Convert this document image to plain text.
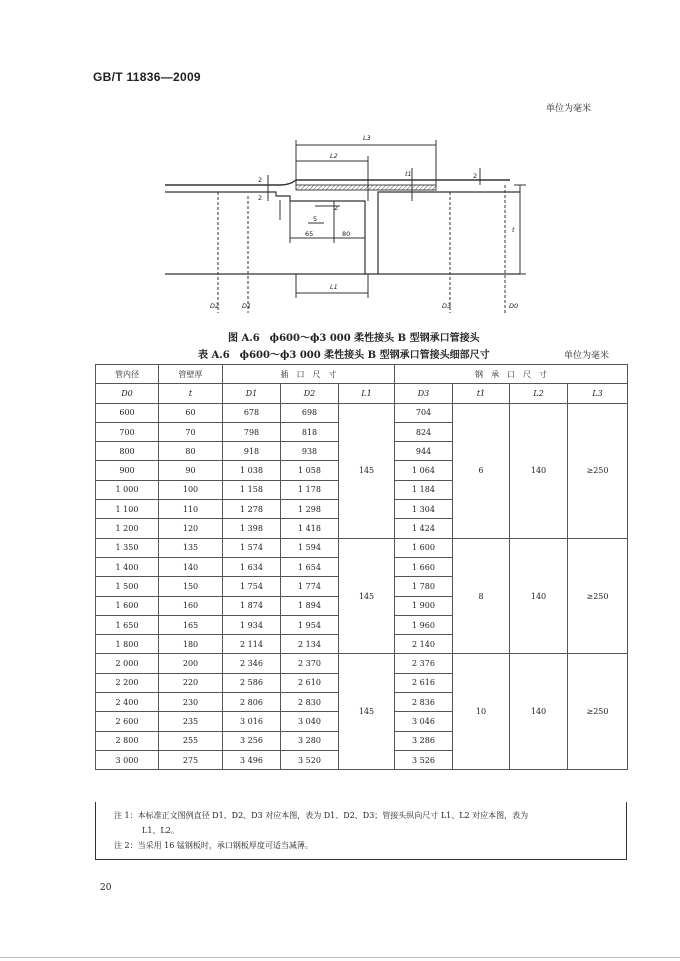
GB/T 11836—2009
单位为毫米
L3
L2
L1
t1
t
D2	D1	D3	D0
2
2
2
2
5
65	80
图 A.6　ϕ600～ϕ3 000 柔性接头 B 型钢承口管接头
表 A.6　ϕ600～ϕ3 000 柔性接头 B 型钢承口管接头细部尺寸	单位为毫米
管内径	管壁厚	插　口　尺　寸			钢　承　口　尺　寸			
D0	t	D1	D2	L1	D3	t1	L2	L3
600	60	678	698	145	704	6	140	≥250
700	70	798	818		824			
800	80	918	938		944			
900	90	1 038	1 058		1 064			
1 000	100	1 158	1 178		1 184			
1 100	110	1 278	1 298		1 304			
1 200	120	1 398	1 418		1 424			
1 350	135	1 574	1 594	145	1 600	8	140	≥250
1 400	140	1 634	1 654		1 660			
1 500	150	1 754	1 774		1 780			
1 600	160	1 874	1 894		1 900			
1 650	165	1 934	1 954		1 960			
1 800	180	2 114	2 134		2 140			
2 000	200	2 346	2 370	145	2 376	10	140	≥250
2 200	220	2 586	2 610		2 616			
2 400	230	2 806	2 830		2 836			
2 600	235	3 016	3 040		3 046			
2 800	255	3 256	3 280		3 286			
3 000	275	3 496	3 520		3 526			
注 1：本标准正文图例直径 D1、D2、D3 对应本图，表为 D1、D2、D3；管接头纵向尺寸 L1、L2 对应本图，表为
L1、L2。
注 2：当采用 16 锰钢板时，承口钢板厚度可适当减薄。
20
